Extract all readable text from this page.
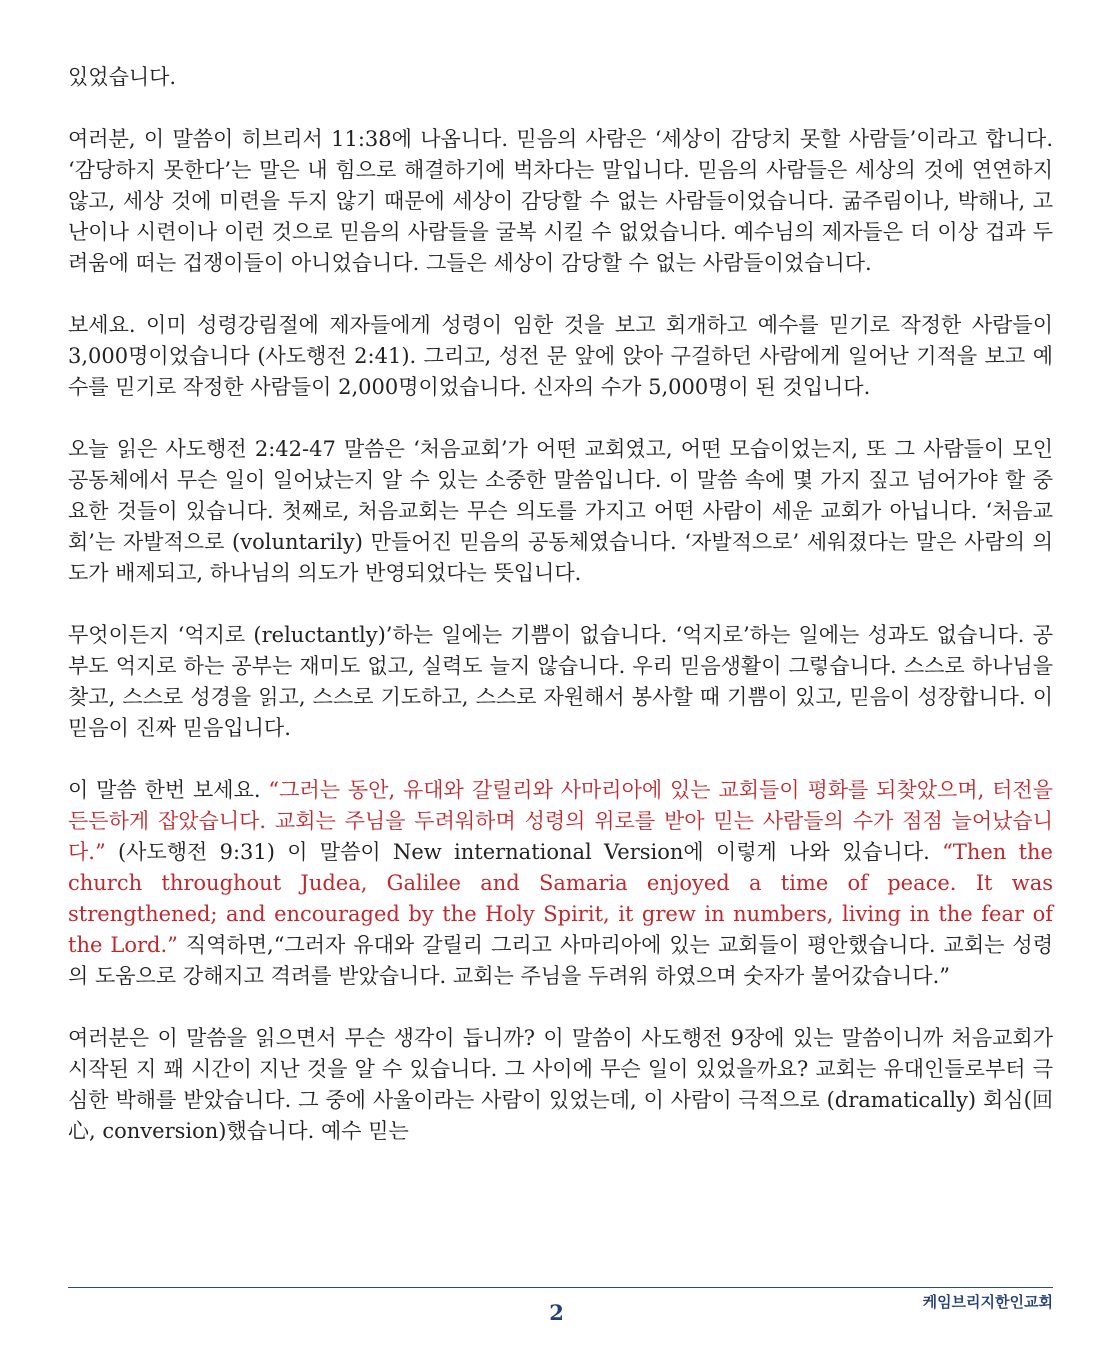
있었습니다.

여러분, 이 말씀이 히브리서 11:38에 나옵니다. 믿음의 사람은 ‘세상이 감당치 못할 사람들’이라고 합니다. ‘감당하지 못한다’는 말은 내 힘으로 해결하기에 벅차다는 말입니다. 믿음의 사람들은 세상의 것에 연연하지 않고, 세상 것에 미련을 두지 않기 때문에 세상이 감당할 수 없는 사람들이었습니다. 굶주림이나, 박해나, 고난이나 시련이나 이런 것으로 믿음의 사람들을 굴복 시킬 수 없었습니다. 예수님의 제자들은 더 이상 겁과 두려움에 떠는 겁쟁이들이 아니었습니다. 그들은 세상이 감당할 수 없는 사람들이었습니다.

보세요. 이미 성령강림절에 제자들에게 성령이 임한 것을 보고 회개하고 예수를 믿기로 작정한 사람들이 3,000명이었습니다 (사도행전 2:41). 그리고, 성전 문 앞에 앉아 구걸하던 사람에게 일어난 기적을 보고 예수를 믿기로 작정한 사람들이 2,000명이었습니다. 신자의 수가 5,000명이 된 것입니다.

오늘 읽은 사도행전 2:42-47 말씀은 ‘처음교회’가 어떤 교회였고, 어떤 모습이었는지, 또 그 사람들이 모인 공동체에서 무슨 일이 일어났는지 알 수 있는 소중한 말씀입니다. 이 말씀 속에 몇 가지 짚고 넘어가야 할 중요한 것들이 있습니다. 첫째로, 처음교회는 무슨 의도를 가지고 어떤 사람이 세운 교회가 아닙니다. ‘처음교회’는 자발적으로 (voluntarily) 만들어진 믿음의 공동체였습니다. ‘자발적으로’ 세워졌다는 말은 사람의 의도가 배제되고, 하나님의 의도가 반영되었다는 뜻입니다.

무엇이든지 ‘억지로 (reluctantly)’하는 일에는 기쁨이 없습니다. ‘억지로’하는 일에는 성과도 없습니다. 공부도 억지로 하는 공부는 재미도 없고, 실력도 늘지 않습니다. 우리 믿음생활이 그렇습니다. 스스로 하나님을 찾고, 스스로 성경을 읽고, 스스로 기도하고, 스스로 자원해서 봉사할 때 기쁨이 있고, 믿음이 성장합니다. 이 믿음이 진짜 믿음입니다.

이 말씀 한번 보세요. “그러는 동안, 유대와 갈릴리와 사마리아에 있는 교회들이 평화를 되찾았으며, 터전을 든든하게 잡았습니다. 교회는 주님을 두려워하며 성령의 위로를 받아 믿는 사람들의 수가 점점 늘어났습니다.” (사도행전 9:31) 이 말씀이 New international Version에 이렇게 나와 있습니다. “Then the church throughout Judea, Galilee and Samaria enjoyed a time of peace. It was strengthened; and encouraged by the Holy Spirit, it grew in numbers, living in the fear of the Lord.” 직역하면,“그러자 유대와 갈릴리 그리고 사마리아에 있는 교회들이 평안했습니다. 교회는 성령의 도움으로 강해지고 격려를 받았습니다. 교회는 주님을 두려워 하였으며 숫자가 불어갔습니다.”

여러분은 이 말씀을 읽으면서 무슨 생각이 듭니까? 이 말씀이 사도행전 9장에 있는 말씀이니까 처음교회가 시작된 지 꽤 시간이 지난 것을 알 수 있습니다. 그 사이에 무슨 일이 있었을까요? 교회는 유대인들로부터 극심한 박해를 받았습니다. 그 중에 사울이라는 사람이 있었는데, 이 사람이 극적으로 (dramatically) 회심(回心, conversion)했습니다. 예수 믿는

케임브리지한인교회
2
